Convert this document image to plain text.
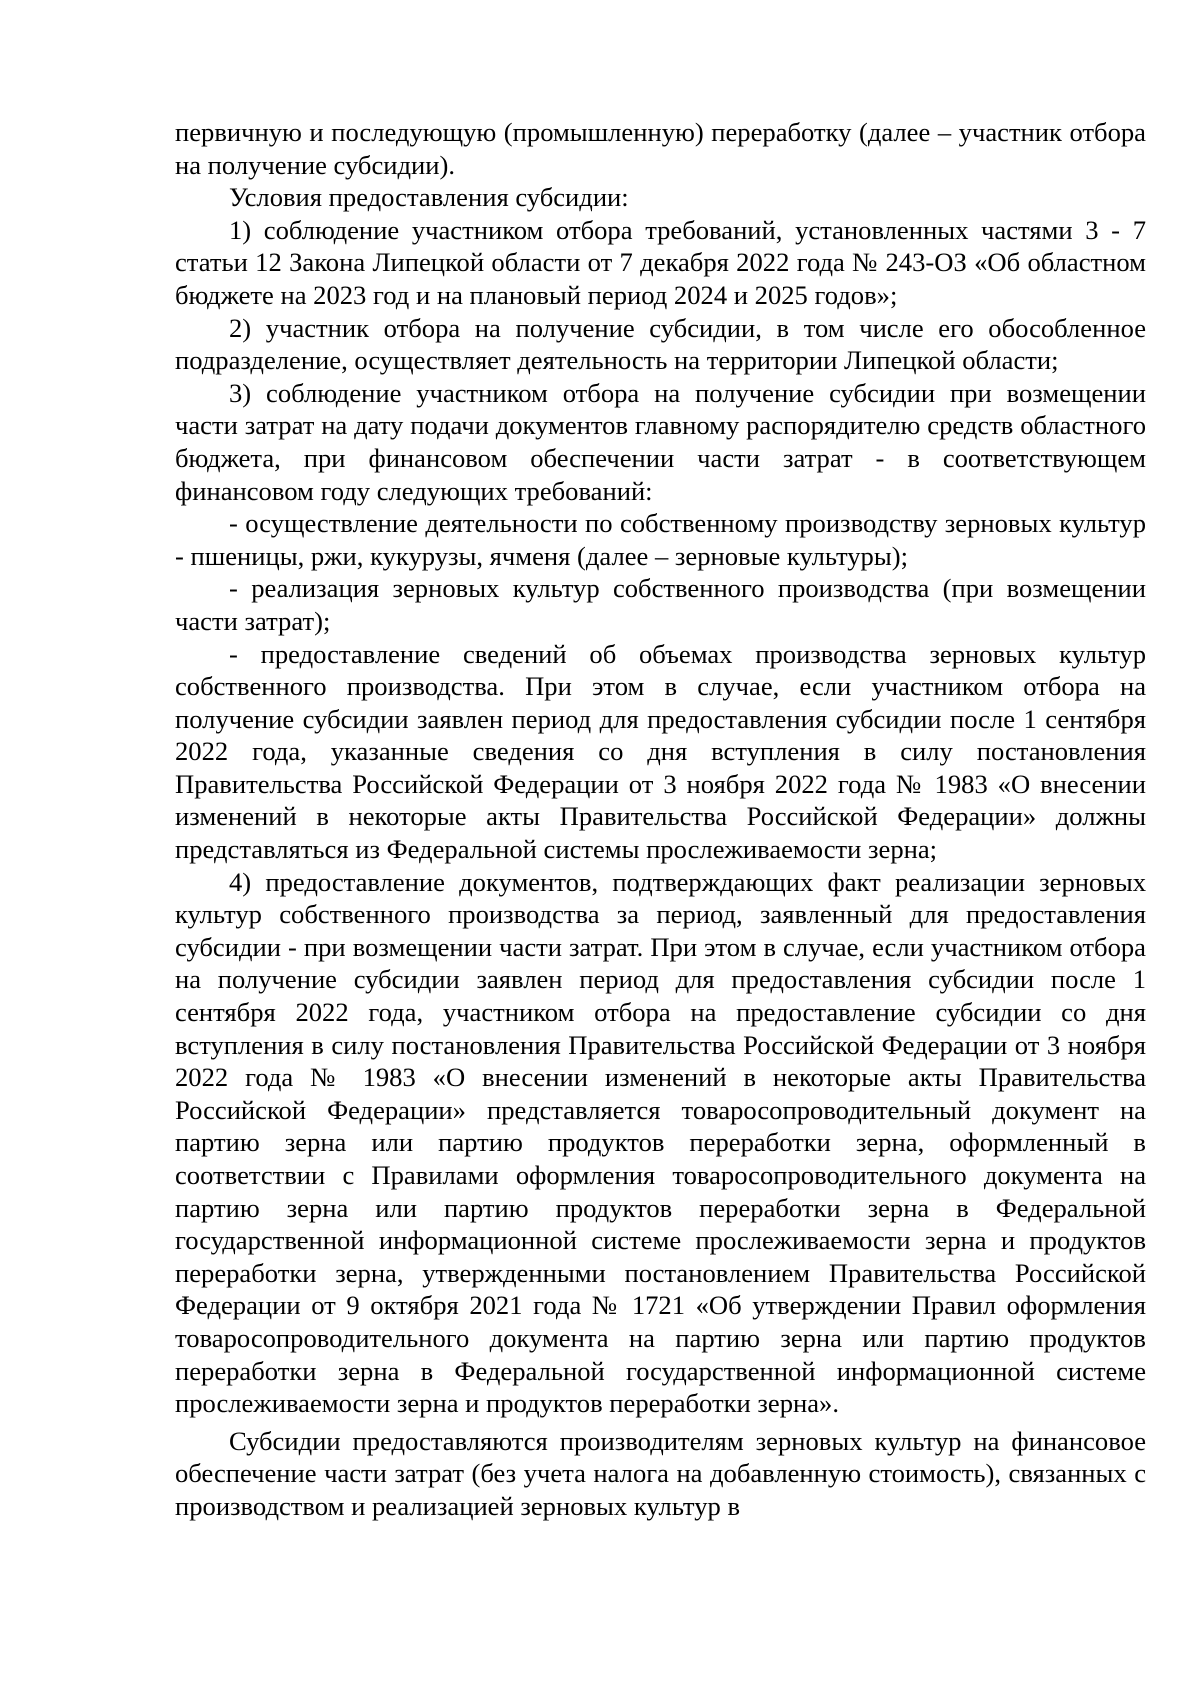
первичную и последующую (промышленную) переработку (далее – участник отбора на получение субсидии).

Условия предоставления субсидии:

1) соблюдение участником отбора требований, установленных частями 3 - 7 статьи 12 Закона Липецкой области от 7 декабря 2022 года № 243-ОЗ «Об областном бюджете на 2023 год и на плановый период 2024 и 2025 годов»;

2) участник отбора на получение субсидии, в том числе его обособленное подразделение, осуществляет деятельность на территории Липецкой области;

3) соблюдение участником отбора на получение субсидии при возмещении части затрат на дату подачи документов главному распорядителю средств областного бюджета, при финансовом обеспечении части затрат - в соответствующем финансовом году следующих требований:

- осуществление деятельности по собственному производству зерновых культур - пшеницы, ржи, кукурузы, ячменя (далее – зерновые культуры);

- реализация зерновых культур собственного производства (при возмещении части затрат);

- предоставление сведений об объемах производства зерновых культур собственного производства. При этом в случае, если участником отбора на получение субсидии заявлен период для предоставления субсидии после 1 сентября 2022 года, указанные сведения со дня вступления в силу постановления Правительства Российской Федерации от 3 ноября 2022 года № 1983 «О внесении изменений в некоторые акты Правительства Российской Федерации» должны представляться из Федеральной системы прослеживаемости зерна;

4) предоставление документов, подтверждающих факт реализации зерновых культур собственного производства за период, заявленный для предоставления субсидии - при возмещении части затрат. При этом в случае, если участником отбора на получение субсидии заявлен период для предоставления субсидии после 1 сентября 2022 года, участником отбора на предоставление субсидии со дня вступления в силу постановления Правительства Российской Федерации от 3 ноября 2022 года № 1983 «О внесении изменений в некоторые акты Правительства Российской Федерации» представляется товаросопроводительный документ на партию зерна или партию продуктов переработки зерна, оформленный в соответствии с Правилами оформления товаросопроводительного документа на партию зерна или партию продуктов переработки зерна в Федеральной государственной информационной системе прослеживаемости зерна и продуктов переработки зерна, утвержденными постановлением Правительства Российской Федерации от 9 октября 2021 года № 1721 «Об утверждении Правил оформления товаросопроводительного документа на партию зерна или партию продуктов переработки зерна в Федеральной государственной информационной системе прослеживаемости зерна и продуктов переработки зерна».

Субсидии предоставляются производителям зерновых культур на финансовое обеспечение части затрат (без учета налога на добавленную стоимость), связанных с производством и реализацией зерновых культур в
